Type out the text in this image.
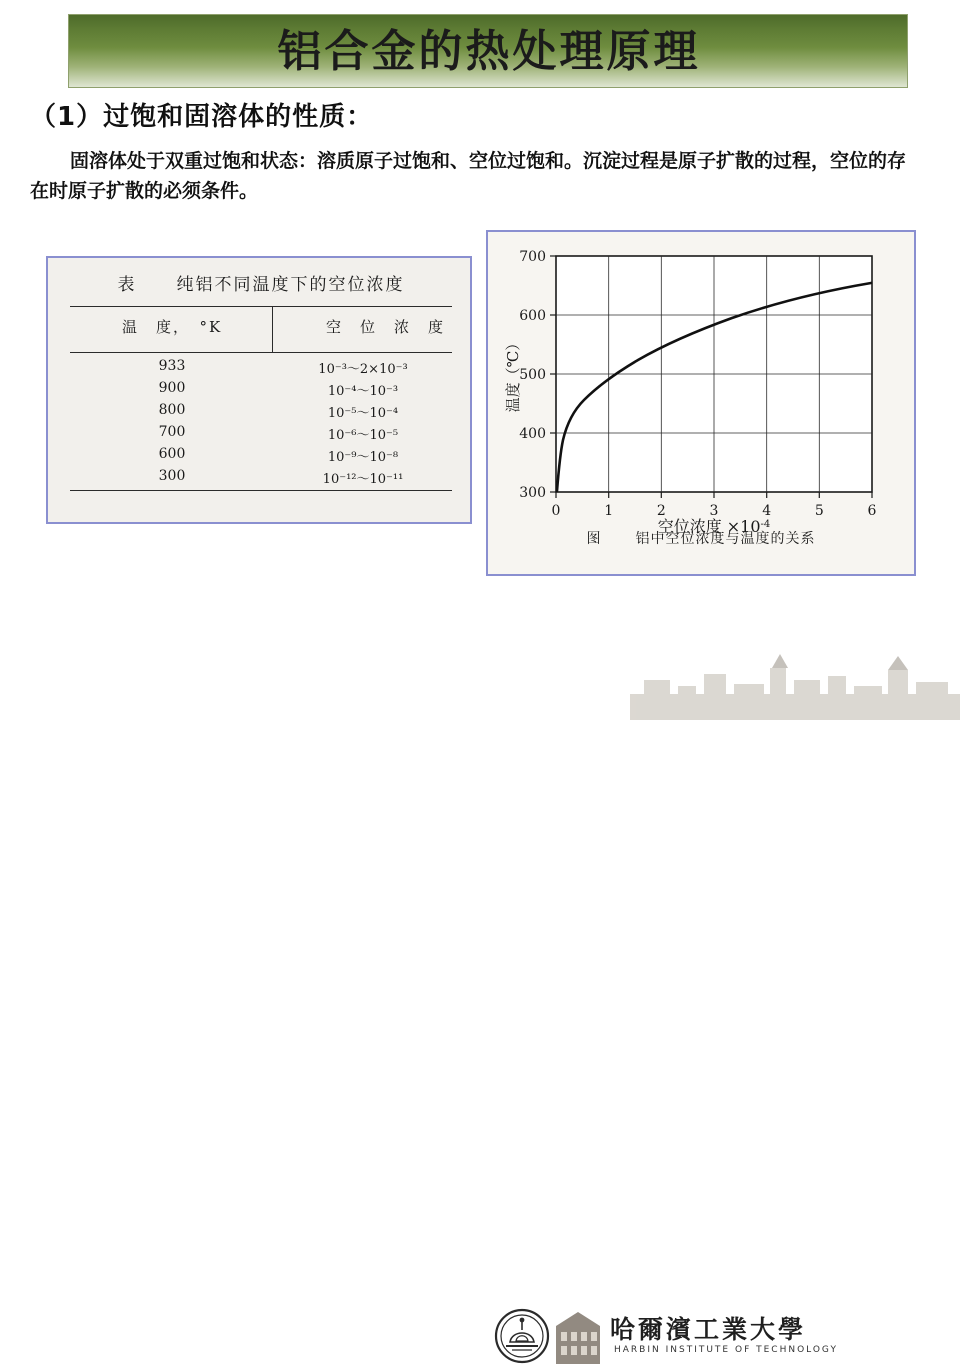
铝合金的热处理原理
（1）过饱和固溶体的性质：
固溶体处于双重过饱和状态：溶质原子过饱和、空位过饱和。沉淀过程是原子扩散的过程，空位的存在时原子扩散的必须条件。
表 纯铝不同温度下的空位浓度
温　度，　°K	空　位　浓　度
933	10⁻³～2×10⁻³
900	10⁻⁴～10⁻³
800	10⁻⁵～10⁻⁴
700	10⁻⁶～10⁻⁵
600	10⁻⁹～10⁻⁸
300	10⁻¹²～10⁻¹¹
300
400
500
600
700
0	1	2	3	4	5	6
空位浓度 $\times 10^{-4}$
温度（℃）
图 铝中空位浓度与温度的关系
哈爾濱工業大學
HARBIN INSTITUTE OF TECHNOLOGY
